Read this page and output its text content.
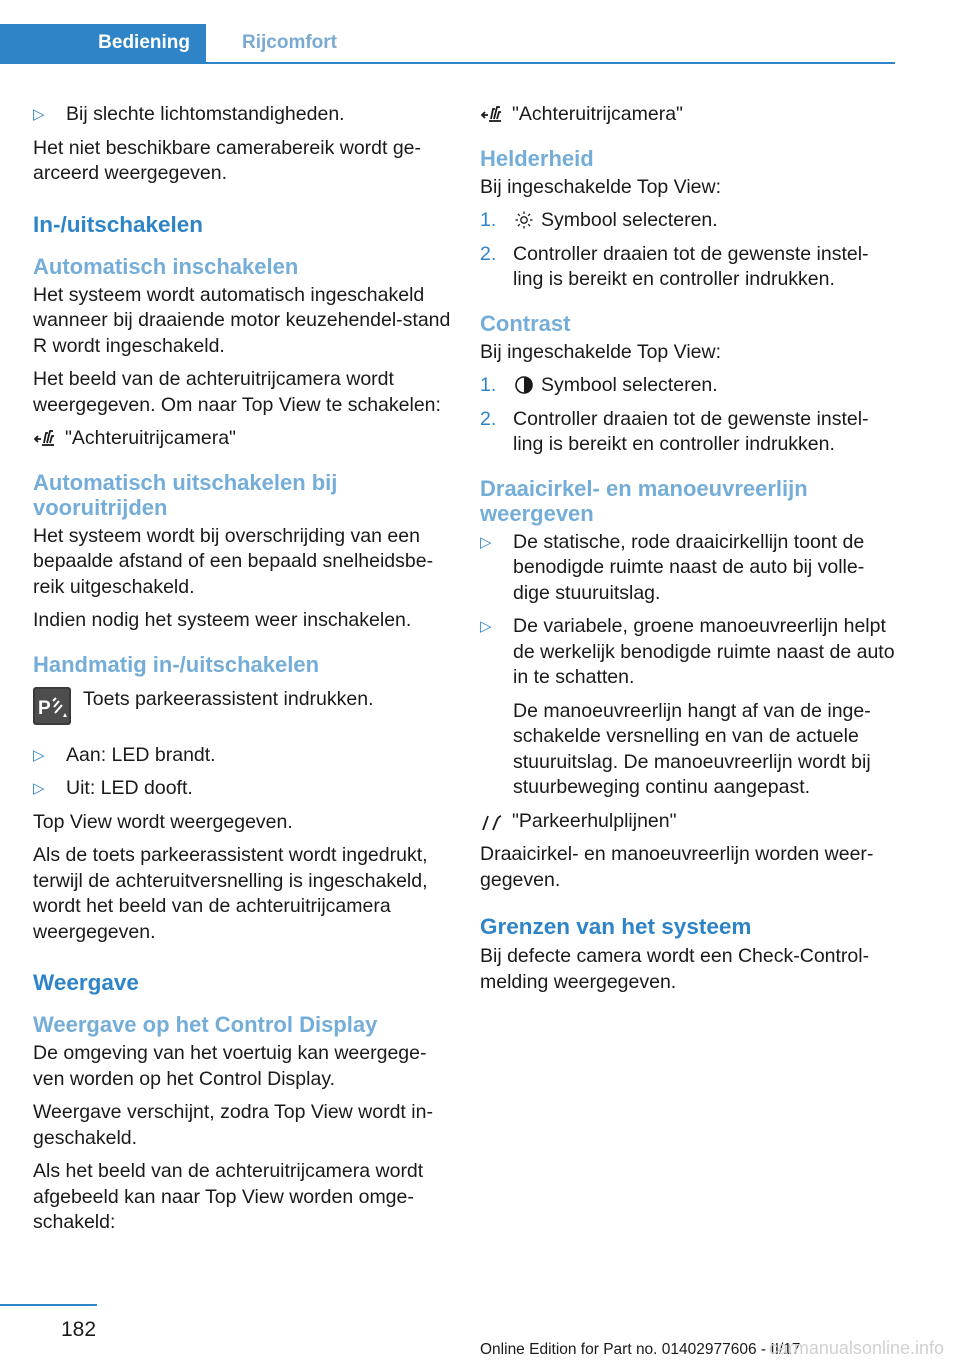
Bediening	Rijcomfort
▷ Bij slechte lichtomstandigheden.

Het niet beschikbare camerabereik wordt ge-arceerd weergegeven.

In-/uitschakelen
Automatisch inschakelen

Het systeem wordt automatisch ingeschakeld wanneer bij draaiende motor keuzehendel-stand R wordt ingeschakeld.

Het beeld van de achteruitrijcamera wordt weergegeven. Om naar Top View te schakelen:

"Achteruitrijcamera"
Automatisch uitschakelen bij vooruitrijden

Het systeem wordt bij overschrijding van een bepaalde afstand of een bepaald snelheidsbe-reik uitgeschakeld.

Indien nodig het systeem weer inschakelen.

Handmatig in-/uitschakelen
P Toets parkeerassistent indrukken.
▷ Aan: LED brandt.
▷ Uit: LED dooft.

Top View wordt weergegeven.

Als de toets parkeerassistent wordt ingedrukt, terwijl de achteruitversnelling is ingeschakeld, wordt het beeld van de achteruitrijcamera weergegeven.

Weergave
Weergave op het Control Display

De omgeving van het voertuig kan weergege-ven worden op het Control Display.

Weergave verschijnt, zodra Top View wordt in-geschakeld.

Als het beeld van de achteruitrijcamera wordt afgebeeld kan naar Top View worden omge-schakeld:

"Achteruitrijcamera"
Helderheid

Bij ingeschakelde Top View:

1. Symbool selecteren.
2. Controller draaien tot de gewenste instel-ling is bereikt en controller indrukken.
Contrast

Bij ingeschakelde Top View:

1. Symbool selecteren.
2. Controller draaien tot de gewenste instel-ling is bereikt en controller indrukken.
Draaicirkel- en manoeuvreerlijn weergeven
▷ De statische, rode draaicirkellijn toont de benodigde ruimte naast de auto bij volle-dige stuuruitslag.
▷ De variabele, groene manoeuvreerlijn helpt de werkelijk benodigde ruimte naast de auto in te schatten.
De manoeuvreerlijn hangt af van de inge-schakelde versnelling en van de actuele stuuruitslag. De manoeuvreerlijn wordt bij stuurbeweging continu aangepast.
"Parkeerhulplijnen"

Draaicirkel- en manoeuvreerlijn worden weer-gegeven.

Grenzen van het systeem

Bij defecte camera wordt een Check-Control-melding weergegeven.

182
Online Edition for Part no. 01402977606 - II/17
carmanualsonline.info
